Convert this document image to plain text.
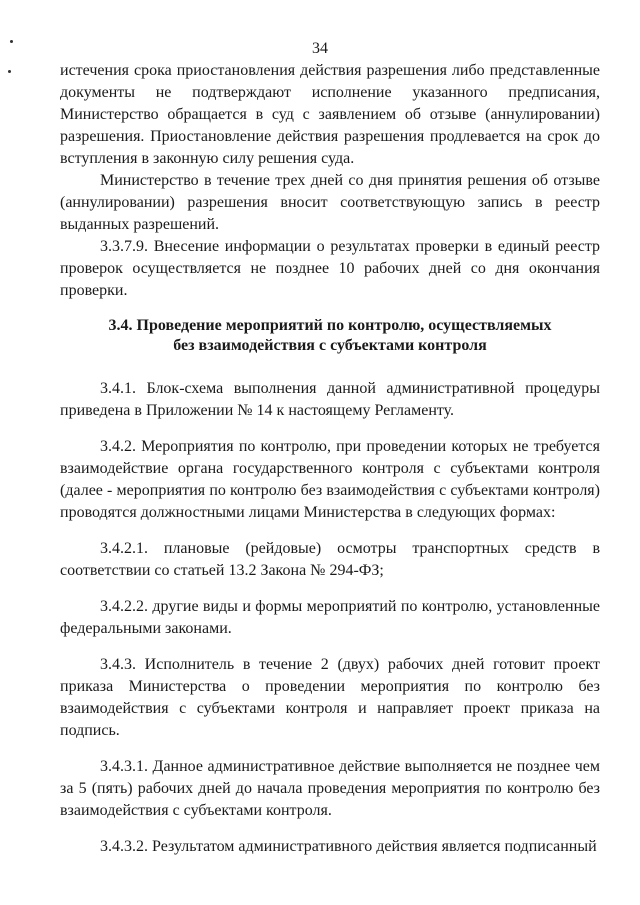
34

истечения срока приостановления действия разрешения либо представленные документы не подтверждают исполнение указанного предписания, Министерство обращается в суд с заявлением об отзыве (аннулировании) разрешения. Приостановление действия разрешения продлевается на срок до вступления в законную силу решения суда.

Министерство в течение трех дней со дня принятия решения об отзыве (аннулировании) разрешения вносит соответствующую запись в реестр выданных разрешений.

3.3.7.9. Внесение информации о результатах проверки в единый реестр проверок осуществляется не позднее 10 рабочих дней со дня окончания проверки.

3.4. Проведение мероприятий по контролю, осуществляемых
без взаимодействия с субъектами контроля

3.4.1. Блок-схема выполнения данной административной процедуры приведена в Приложении № 14 к настоящему Регламенту.

3.4.2. Мероприятия по контролю, при проведении которых не требуется взаимодействие органа государственного контроля с субъектами контроля (далее - мероприятия по контролю без взаимодействия с субъектами контроля) проводятся должностными лицами Министерства в следующих формах:

3.4.2.1. плановые (рейдовые) осмотры транспортных средств в соответствии со статьей 13.2 Закона № 294-ФЗ;

3.4.2.2. другие виды и формы мероприятий по контролю, установленные федеральными законами.

3.4.3. Исполнитель в течение 2 (двух) рабочих дней готовит проект приказа Министерства о проведении мероприятия по контролю без взаимодействия с субъектами контроля и направляет проект приказа на подпись.

3.4.3.1. Данное административное действие выполняется не позднее чем за 5 (пять) рабочих дней до начала проведения мероприятия по контролю без взаимодействия с субъектами контроля.

3.4.3.2. Результатом административного действия является подписанный
